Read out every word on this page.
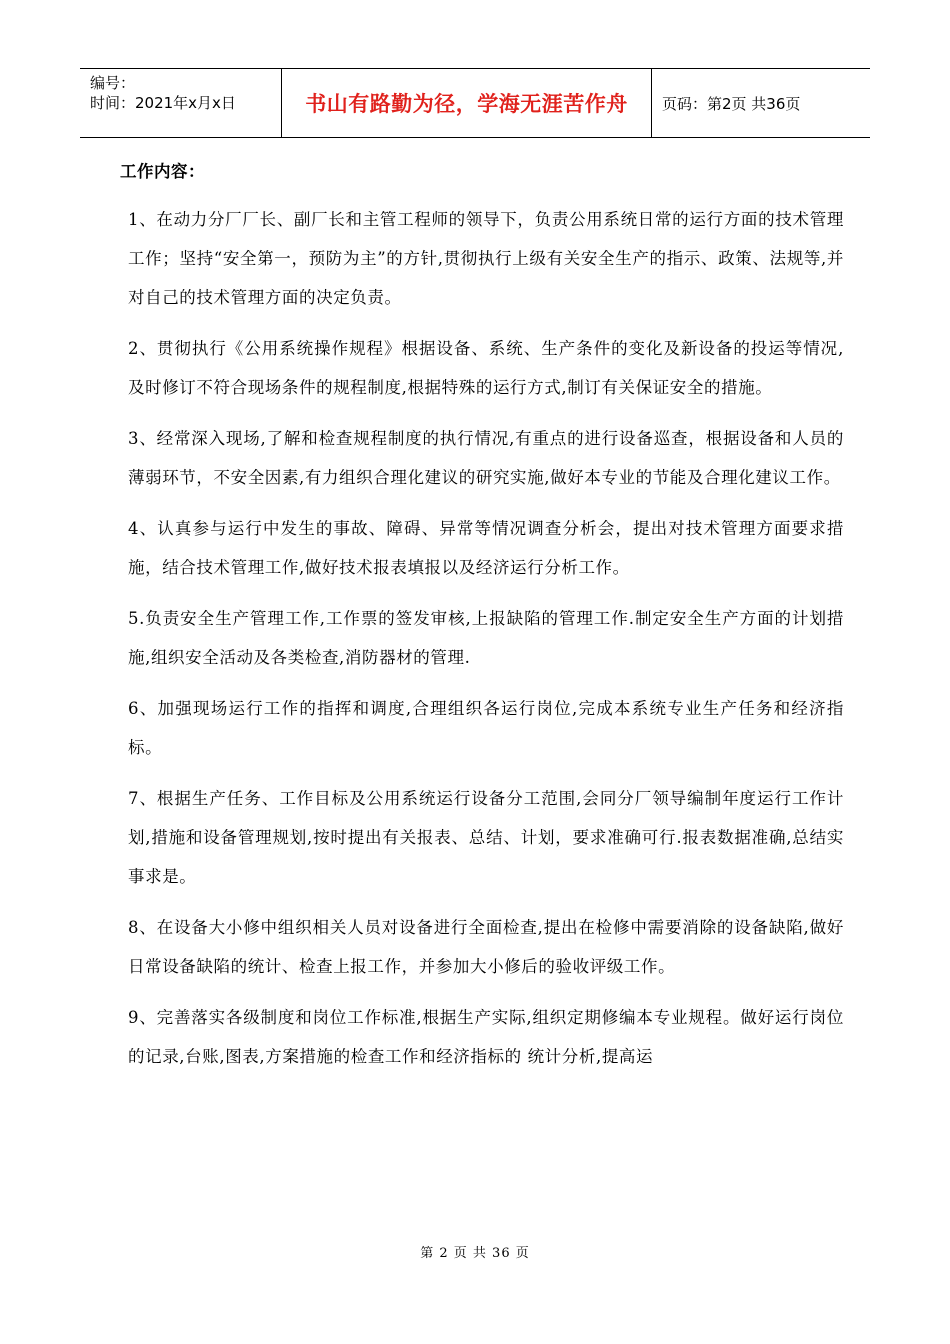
编号：
时间：2021年x月x日	书山有路勤为径，学海无涯苦作舟	页码：第2页 共36页
工作内容：

1、在动力分厂厂长、副厂长和主管工程师的领导下，负责公用系统日常的运行方面的技术管理工作；坚持“安全第一，预防为主”的方针,贯彻执行上级有关安全生产的指示、政策、法规等,并对自己的技术管理方面的决定负责。

2、贯彻执行《公用系统操作规程》根据设备、系统、生产条件的变化及新设备的投运等情况,及时修订不符合现场条件的规程制度,根据特殊的运行方式,制订有关保证安全的措施。

3、经常深入现场,了解和检查规程制度的执行情况,有重点的进行设备巡查，根据设备和人员的薄弱环节，不安全因素,有力组织合理化建议的研究实施,做好本专业的节能及合理化建议工作。

4、认真参与运行中发生的事故、障碍、异常等情况调查分析会，提出对技术管理方面要求措施，结合技术管理工作,做好技术报表填报以及经济运行分析工作。

5.负责安全生产管理工作,工作票的签发审核,上报缺陷的管理工作.制定安全生产方面的计划措施,组织安全活动及各类检查,消防器材的管理.

6、加强现场运行工作的指挥和调度,合理组织各运行岗位,完成本系统专业生产任务和经济指标。

7、根据生产任务、工作目标及公用系统运行设备分工范围,会同分厂领导编制年度运行工作计划,措施和设备管理规划,按时提出有关报表、总结、计划，要求准确可行.报表数据准确,总结实事求是。

8、在设备大小修中组织相关人员对设备进行全面检查,提出在检修中需要消除的设备缺陷,做好日常设备缺陷的统计、检查上报工作，并参加大小修后的验收评级工作。

9、完善落实各级制度和岗位工作标准,根据生产实际,组织定期修编本专业规程。做好运行岗位的记录,台账,图表,方案措施的检查工作和经济指标的 统计分析,提高运

第 2 页 共 36 页
